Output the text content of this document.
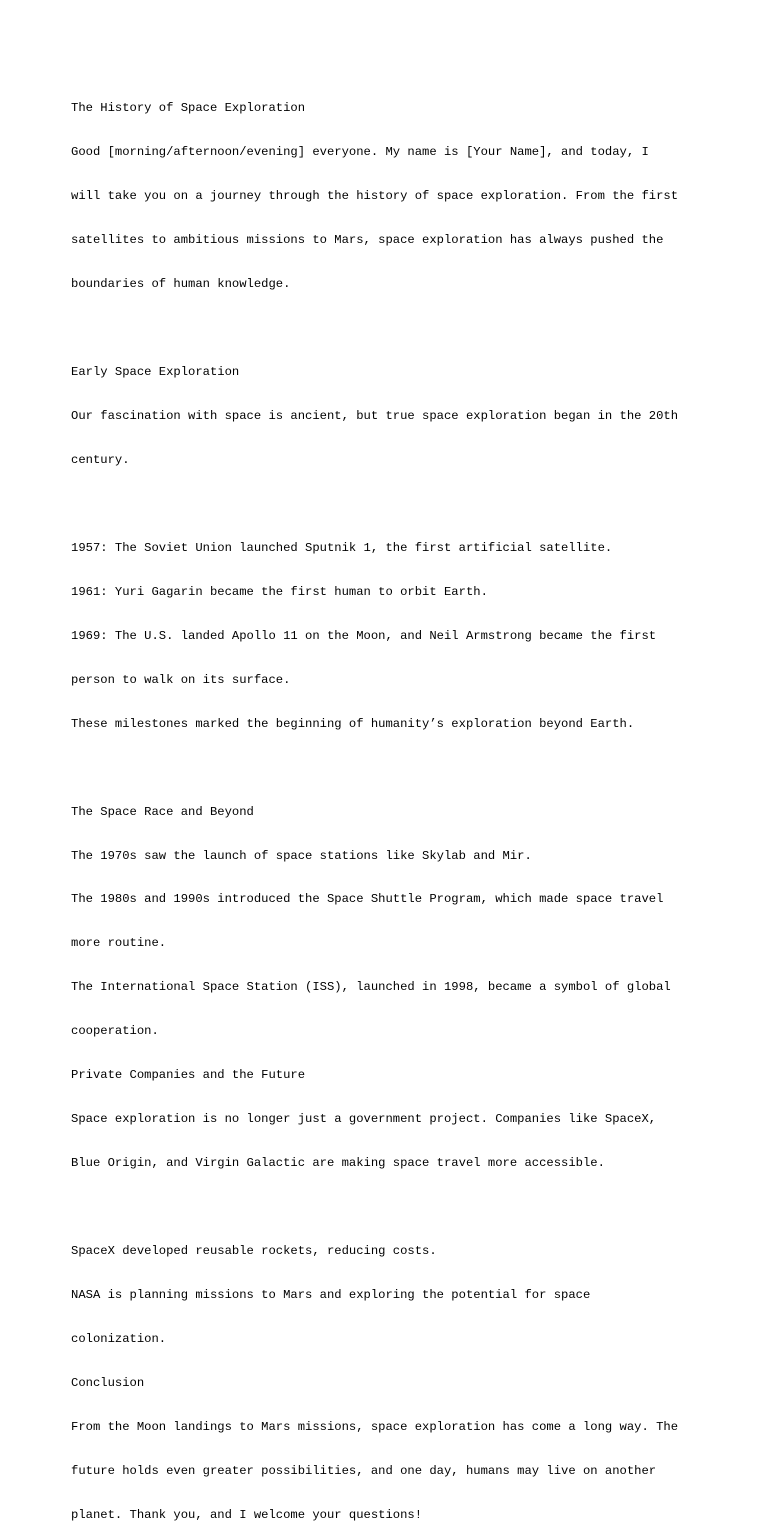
The History of Space Exploration

Good [morning/afternoon/evening] everyone. My name is [Your Name], and today, I

will take you on a journey through the history of space exploration. From the first

satellites to ambitious missions to Mars, space exploration has always pushed the

boundaries of human knowledge.

Early Space Exploration

Our fascination with space is ancient, but true space exploration began in the 20th

century.

1957: The Soviet Union launched Sputnik 1, the first artificial satellite.

1961: Yuri Gagarin became the first human to orbit Earth.

1969: The U.S. landed Apollo 11 on the Moon, and Neil Armstrong became the first

person to walk on its surface.

These milestones marked the beginning of humanity’s exploration beyond Earth.

The Space Race and Beyond

The 1970s saw the launch of space stations like Skylab and Mir.

The 1980s and 1990s introduced the Space Shuttle Program, which made space travel

more routine.

The International Space Station (ISS), launched in 1998, became a symbol of global

cooperation.

Private Companies and the Future

Space exploration is no longer just a government project. Companies like SpaceX,

Blue Origin, and Virgin Galactic are making space travel more accessible.

SpaceX developed reusable rockets, reducing costs.

NASA is planning missions to Mars and exploring the potential for space

colonization.

Conclusion

From the Moon landings to Mars missions, space exploration has come a long way. The

future holds even greater possibilities, and one day, humans may live on another

planet. Thank you, and I welcome your questions!
